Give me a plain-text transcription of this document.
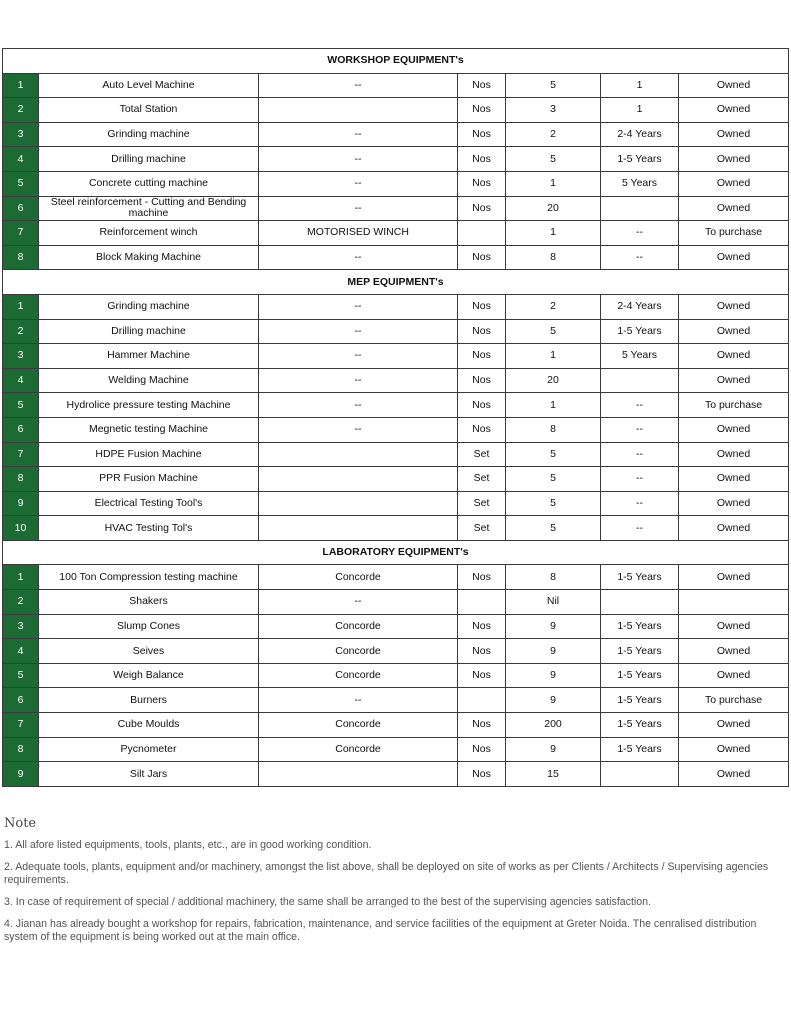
WORKSHOP EQUIPMENT's						
1	Auto Level Machine	--	Nos	5	1	Owned
2	Total Station		Nos	3	1	Owned
3	Grinding machine	--	Nos	2	2-4 Years	Owned
4	Drilling machine	--	Nos	5	1-5 Years	Owned
5	Concrete cutting machine	--	Nos	1	5 Years	Owned
6	Steel reinforcement - Cutting and Bending machine	--	Nos	20		Owned
7	Reinforcement winch	MOTORISED WINCH		1	--	To purchase
8	Block Making Machine	--	Nos	8	--	Owned
MEP EQUIPMENT's						
1	Grinding machine	--	Nos	2	2-4 Years	Owned
2	Drilling machine	--	Nos	5	1-5 Years	Owned
3	Hammer Machine	--	Nos	1	5 Years	Owned
4	Welding Machine	--	Nos	20		Owned
5	Hydrolice pressure testing Machine	--	Nos	1	--	To purchase
6	Megnetic testing Machine	--	Nos	8	--	Owned
7	HDPE Fusion Machine		Set	5	--	Owned
8	PPR Fusion Machine		Set	5	--	Owned
9	Electrical Testing Tool's		Set	5	--	Owned
10	HVAC Testing Tol's		Set	5	--	Owned
LABORATORY EQUIPMENT's						
1	100 Ton Compression testing machine	Concorde	Nos	8	1-5 Years	Owned
2	Shakers	--		Nil		
3	Slump Cones	Concorde	Nos	9	1-5 Years	Owned
4	Seives	Concorde	Nos	9	1-5 Years	Owned
5	Weigh Balance	Concorde	Nos	9	1-5 Years	Owned
6	Burners	--		9	1-5 Years	To purchase
7	Cube Moulds	Concorde	Nos	200	1-5 Years	Owned
8	Pycnometer	Concorde	Nos	9	1-5 Years	Owned
9	Silt Jars		Nos	15		Owned
Note

1. All afore listed equipments, tools, plants, etc., are in good working condition.

2. Adequate tools, plants, equipment and/or machinery, amongst the list above, shall be deployed on site of works as per Clients / Architects / Supervising agencies requirements.

3. In case of requirement of special / additional machinery, the same shall be arranged to the best of the supervising agencies satisfaction.

4. Jianan has already bought a workshop for repairs, fabrication, maintenance, and service facilities of the equipment at Greter Noida. The cenralised distribution system of the equipment is being worked out at the main office.
